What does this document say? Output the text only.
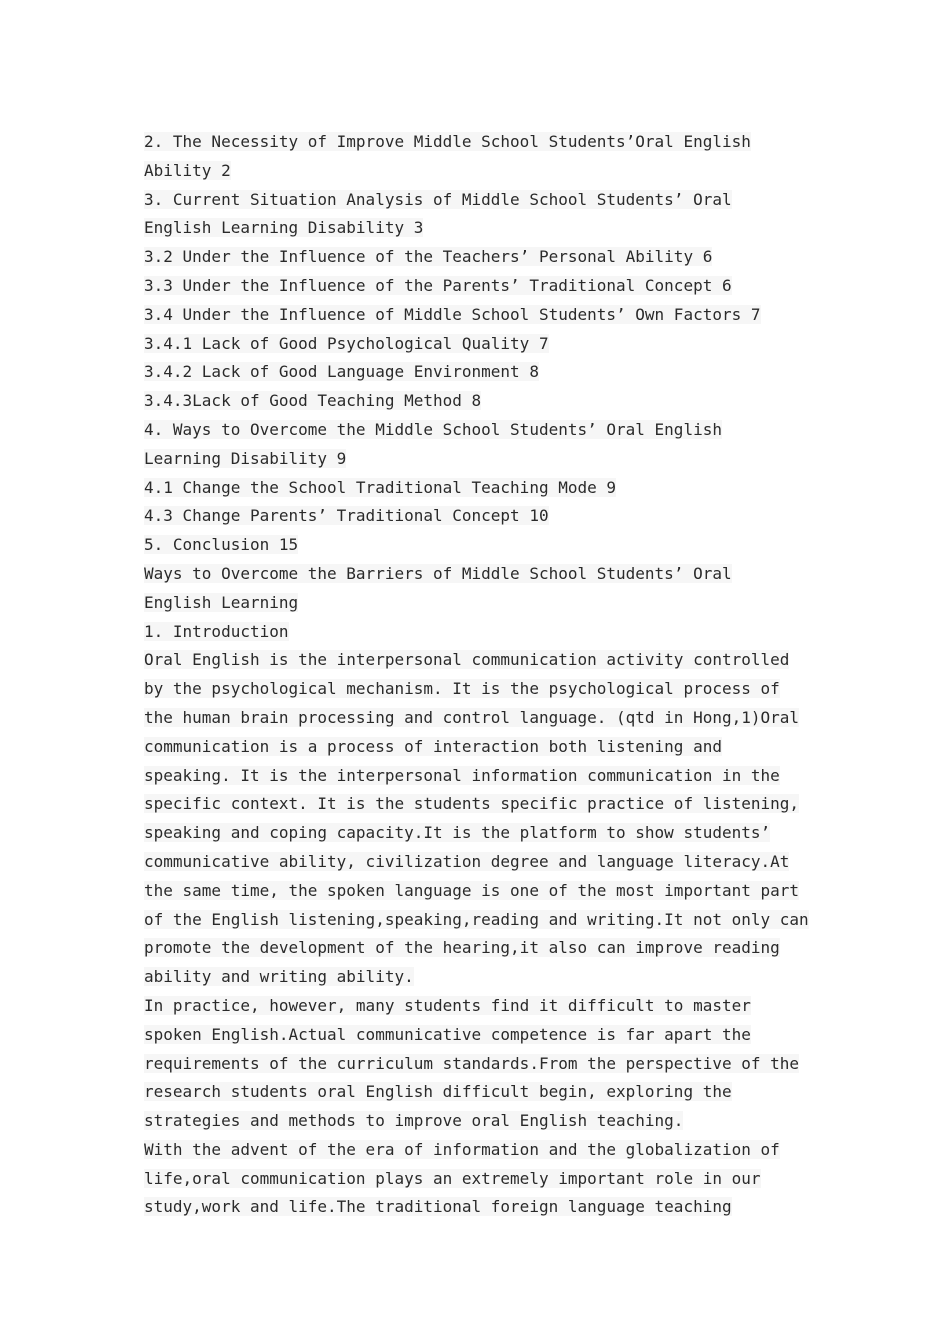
2. The Necessity of Improve Middle School Students’Oral English
Ability 2
3. Current Situation Analysis of Middle School Students’ Oral
English Learning Disability 3
3.2 Under the Influence of the Teachers’ Personal Ability 6
3.3 Under the Influence of the Parents’ Traditional Concept 6
3.4 Under the Influence of Middle School Students’ Own Factors 7
3.4.1 Lack of Good Psychological Quality 7
3.4.2 Lack of Good Language Environment 8
3.4.3Lack of Good Teaching Method 8
4. Ways to Overcome the Middle School Students’ Oral English
Learning Disability 9
4.1 Change the School Traditional Teaching Mode 9
4.3 Change Parents’ Traditional Concept 10
5. Conclusion 15
Ways to Overcome the Barriers of Middle School Students’ Oral
English Learning
1. Introduction
Oral English is the interpersonal communication activity controlled
by the psychological mechanism. It is the psychological process of
the human brain processing and control language. (qtd in Hong,1)Oral
communication is a process of interaction both listening and
speaking. It is the interpersonal information communication in the
specific context. It is the students specific practice of listening,
speaking and coping capacity.It is the platform to show students’
communicative ability, civilization degree and language literacy.At
the same time, the spoken language is one of the most important part
of the English listening,speaking,reading and writing.It not only can
promote the development of the hearing,it also can improve reading
ability and writing ability.
In practice, however, many students find it difficult to master
spoken English.Actual communicative competence is far apart the
requirements of the curriculum standards.From the perspective of the
research students oral English difficult begin, exploring the
strategies and methods to improve oral English teaching.
With the advent of the era of information and the globalization of
life,oral communication plays an extremely important role in our
study,work and life.The traditional foreign language teaching
